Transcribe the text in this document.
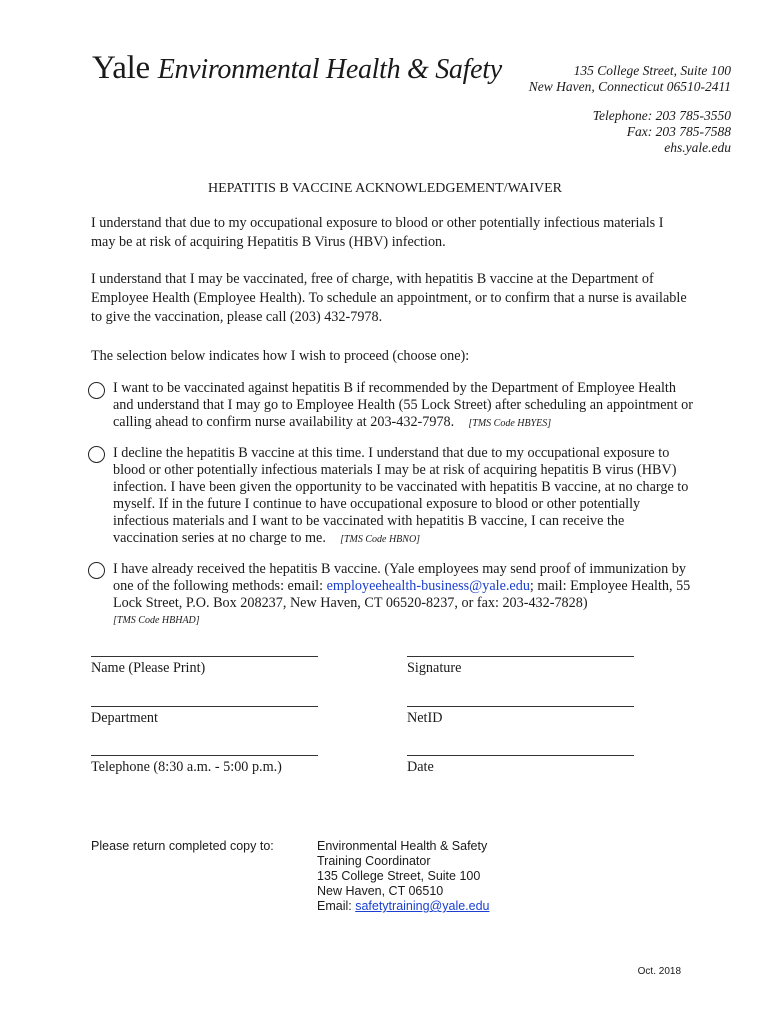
Yale Environmental Health & Safety	135 College Street, Suite 100
New Haven, Connecticut 06510-2411
Telephone: 203 785-3550
Fax: 203 785-7588
ehs.yale.edu
HEPATITIS B VACCINE ACKNOWLEDGEMENT/WAIVER
I understand that due to my occupational exposure to blood or other potentially infectious materials I may be at risk of acquiring Hepatitis B Virus (HBV) infection.
I understand that I may be vaccinated, free of charge, with hepatitis B vaccine at the Department of Employee Health (Employee Health). To schedule an appointment, or to confirm that a nurse is available to give the vaccination, please call (203) 432-7978.
The selection below indicates how I wish to proceed (choose one):
I want to be vaccinated against hepatitis B if recommended by the Department of Employee Health and understand that I may go to Employee Health (55 Lock Street) after scheduling an appointment or calling ahead to confirm nurse availability at 203-432-7978. [TMS Code HBYES]
I decline the hepatitis B vaccine at this time. I understand that due to my occupational exposure to blood or other potentially infectious materials I may be at risk of acquiring hepatitis B virus (HBV) infection. I have been given the opportunity to be vaccinated with hepatitis B vaccine, at no charge to myself. If in the future I continue to have occupational exposure to blood or other potentially infectious materials and I want to be vaccinated with hepatitis B vaccine, I can receive the vaccination series at no charge to me. [TMS Code HBNO]
I have already received the hepatitis B vaccine. (Yale employees may send proof of immunization by one of the following methods: email: employeehealth-business@yale.edu; mail: Employee Health, 55 Lock Street, P.O. Box 208237, New Haven, CT 06520-8237, or fax: 203-432-7828)
[TMS Code HBHAD]
Name (Please Print)	Signature
Department	NetID
Telephone (8:30 a.m. - 5:00 p.m.)	Date
Please return completed copy to:	Environmental Health & Safety
Training Coordinator
135 College Street, Suite 100
New Haven, CT 06510
Email: safetytraining@yale.edu
Oct. 2018
